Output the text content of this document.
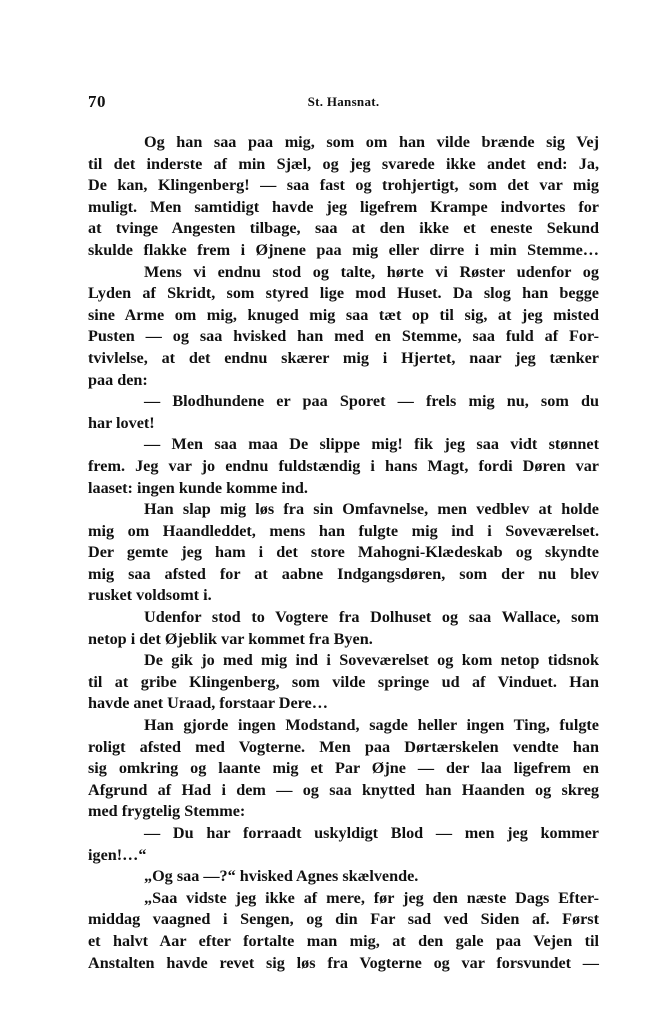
70	St. Hansnat.
Og han saa paa mig, som om han vilde brænde sig Vej
til det inderste af min Sjæl, og jeg svarede ikke andet end: Ja,
De kan, Klingenberg! — saa fast og trohjertigt, som det var mig
muligt. Men samtidigt havde jeg ligefrem Krampe indvortes for
at tvinge Angesten tilbage, saa at den ikke et eneste Sekund
skulde flakke frem i Øjnene paa mig eller dirre i min Stemme…
Mens vi endnu stod og talte, hørte vi Røster udenfor og
Lyden af Skridt, som styred lige mod Huset. Da slog han begge
sine Arme om mig, knuged mig saa tæt op til sig, at jeg misted
Pusten — og saa hvisked han med en Stemme, saa fuld af For-
tvivlelse, at det endnu skærer mig i Hjertet, naar jeg tænker
paa den:
— Blodhundene er paa Sporet — frels mig nu, som du
har lovet!
— Men saa maa De slippe mig! fik jeg saa vidt stønnet
frem. Jeg var jo endnu fuldstændig i hans Magt, fordi Døren var
laaset: ingen kunde komme ind.
Han slap mig løs fra sin Omfavnelse, men vedblev at holde
mig om Haandleddet, mens han fulgte mig ind i Soveværelset.
Der gemte jeg ham i det store Mahogni-Klædeskab og skyndte
mig saa afsted for at aabne Indgangsdøren, som der nu blev
rusket voldsomt i.
Udenfor stod to Vogtere fra Dolhuset og saa Wallace, som
netop i det Øjeblik var kommet fra Byen.
De gik jo med mig ind i Soveværelset og kom netop tidsnok
til at gribe Klingenberg, som vilde springe ud af Vinduet. Han
havde anet Uraad, forstaar Dere…
Han gjorde ingen Modstand, sagde heller ingen Ting, fulgte
roligt afsted med Vogterne. Men paa Dørtærskelen vendte han
sig omkring og laante mig et Par Øjne — der laa ligefrem en
Afgrund af Had i dem — og saa knytted han Haanden og skreg
med frygtelig Stemme:
— Du har forraadt uskyldigt Blod — men jeg kommer
igen!…“
„Og saa —?“ hvisked Agnes skælvende.
„Saa vidste jeg ikke af mere, før jeg den næste Dags Efter-
middag vaagned i Sengen, og din Far sad ved Siden af. Først
et halvt Aar efter fortalte man mig, at den gale paa Vejen til
Anstalten havde revet sig løs fra Vogterne og var forsvundet —
